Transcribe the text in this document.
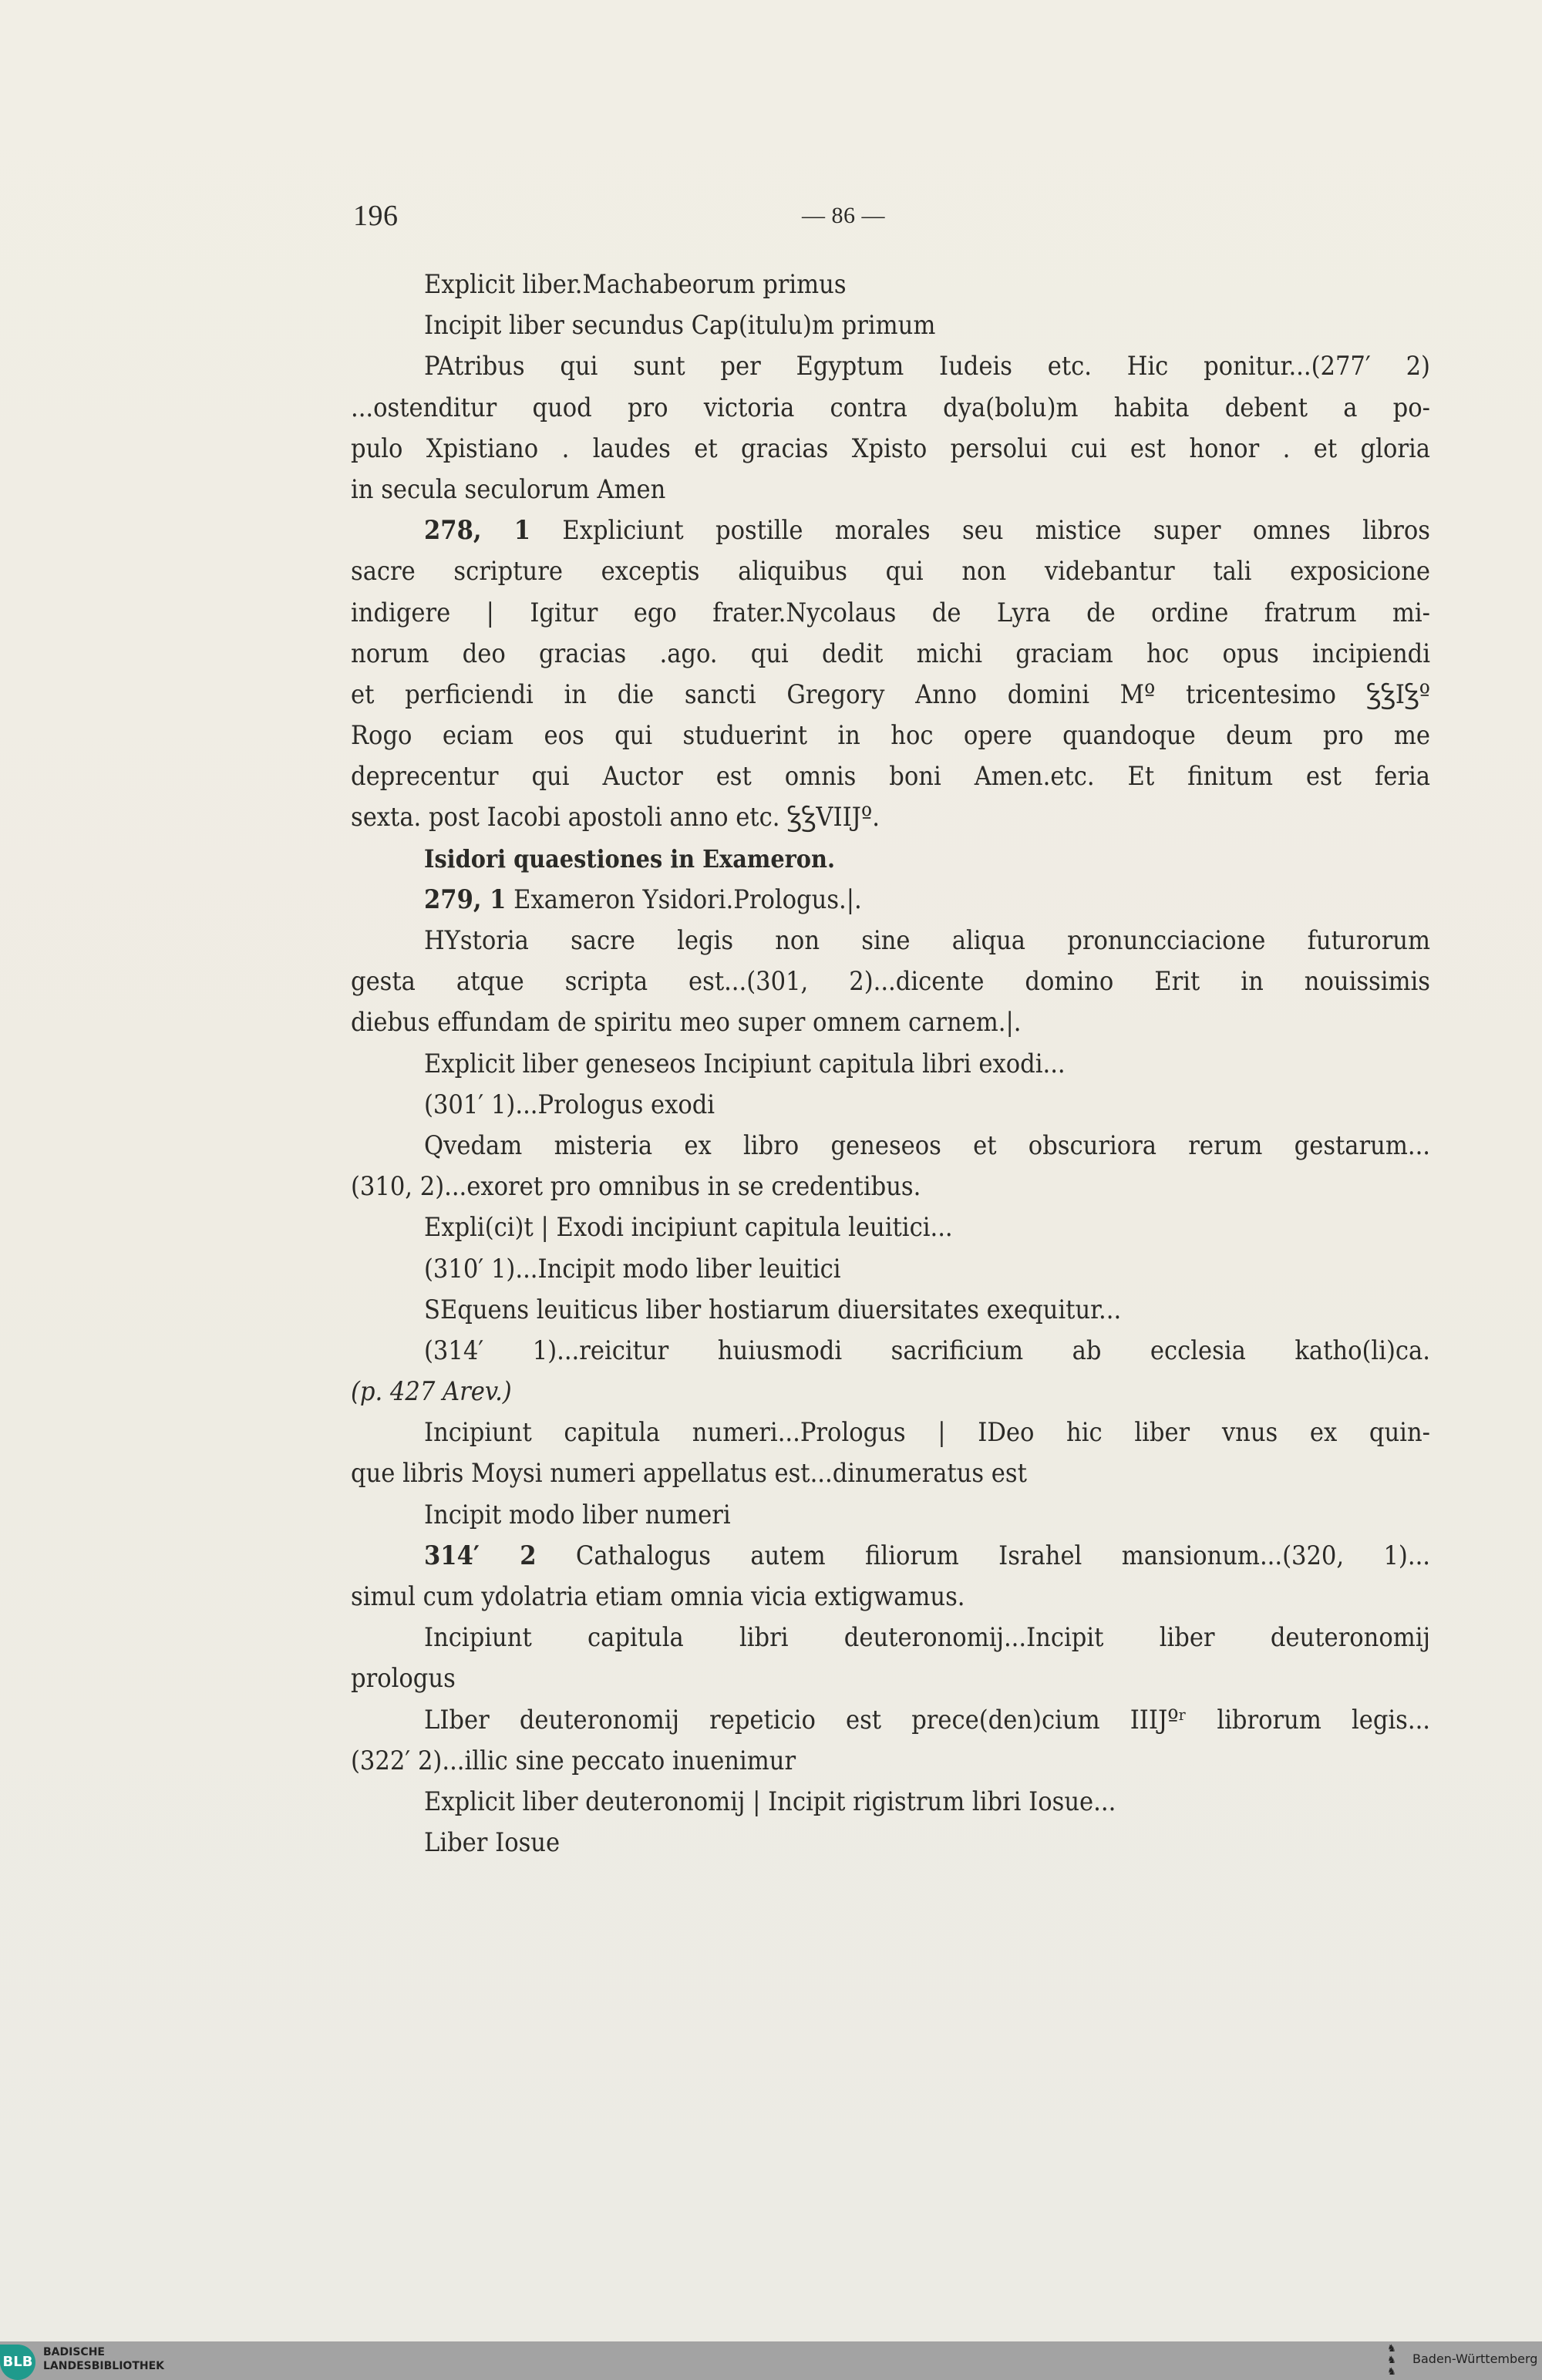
196	— 86 —
Explicit liber.Machabeorum primus
Incipit liber secundus Cap(itulu)m primum
PAtribus qui sunt per Egyptum Iudeis etc. Hic ponitur...(277′ 2)
...ostenditur quod pro victoria contra dya(bolu)m habita debent a po-
pulo Xpistiano . laudes et gracias Xpisto persolui cui est honor . et gloria
in secula seculorum Amen
278, 1 Expliciunt postille morales seu mistice super omnes libros
sacre scripture exceptis aliquibus qui non videbantur tali exposicione
indigere | Igitur ego frater.Nycolaus de Lyra de ordine fratrum mi-
norum deo gracias .ago. qui dedit michi graciam hoc opus incipiendi
et perficiendi in die sancti Gregory Anno domini Mº tricentesimo ꝢꝢIꝢº
Rogo eciam eos qui studuerint in hoc opere quandoque deum pro me
deprecentur qui Auctor est omnis boni Amen.etc. Et finitum est feria
sexta. post Iacobi apostoli anno etc. ꝢꝢVIIJº.
Isidori quaestiones in Exameron.
279, 1 Exameron Ysidori.Prologus.|.
HYstoria sacre legis non sine aliqua pronuncciacione futurorum
gesta atque scripta est...(301, 2)...dicente domino Erit in nouissimis
diebus effundam de spiritu meo super omnem carnem.|.
Explicit liber geneseos Incipiunt capitula libri exodi...
(301′ 1)...Prologus exodi
Qvedam misteria ex libro geneseos et obscuriora rerum gestarum...
(310, 2)...exoret pro omnibus in se credentibus.
Expli(ci)t | Exodi incipiunt capitula leuitici...
(310′ 1)...Incipit modo liber leuitici
SEquens leuiticus liber hostiarum diuersitates exequitur...
(314′ 1)...reicitur huiusmodi sacrificium ab ecclesia katho(li)ca.
(p. 427 Arev.)
Incipiunt capitula numeri...Prologus | IDeo hic liber vnus ex quin-
que libris Moysi numeri appellatus est...dinumeratus est
Incipit modo liber numeri
314′ 2 Cathalogus autem filiorum Israhel mansionum...(320, 1)...
simul cum ydolatria etiam omnia vicia extigwamus.
Incipiunt capitula libri deuteronomij...Incipit liber deuteronomij
prologus
LIber deuteronomij repeticio est prece(den)cium IIIJºʳ librorum legis...
(322′ 2)...illic sine peccato inuenimur
Explicit liber deuteronomij | Incipit rigistrum libri Iosue...
Liber Iosue
BLB
BADISCHE
LANDESBIBLIOTHEK
♞
♞
♞
Baden-Württemberg
